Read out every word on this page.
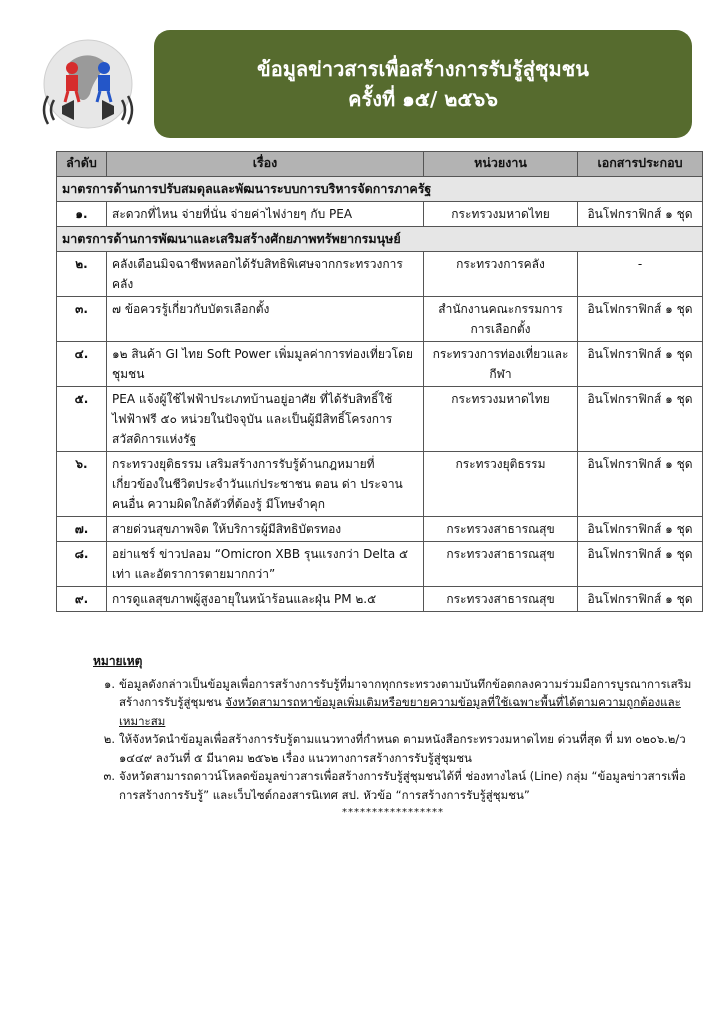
ข้อมูลข่าวสารเพื่อสร้างการรับรู้สู่ชุมชน
ครั้งที่ ๑๕/ ๒๕๖๖
ลำดับ	เรื่อง	หน่วยงาน	เอกสารประกอบ
มาตรการด้านการปรับสมดุลและพัฒนาระบบการบริหารจัดการภาครัฐ			
๑.	สะดวกที่ไหน จ่ายที่นั่น จ่ายค่าไฟง่ายๆ กับ PEA	กระทรวงมหาดไทย	อินโฟกราฟิกส์ ๑ ชุด
มาตรการด้านการพัฒนาและเสริมสร้างศักยภาพทรัพยากรมนุษย์			
๒.	คลังเตือนมิจฉาชีพหลอกได้รับสิทธิพิเศษจากกระทรวงการคลัง	กระทรวงการคลัง	-
๓.	๗ ข้อควรรู้เกี่ยวกับบัตรเลือกตั้ง	สำนักงานคณะกรรมการการเลือกตั้ง	อินโฟกราฟิกส์ ๑ ชุด
๔.	๑๒ สินค้า GI ไทย Soft Power เพิ่มมูลค่าการท่องเที่ยวโดยชุมชน	กระทรวงการท่องเที่ยวและกีฬา	อินโฟกราฟิกส์ ๑ ชุด
๕.	PEA แจ้งผู้ใช้ไฟฟ้าประเภทบ้านอยู่อาศัย ที่ได้รับสิทธิ์ใช้ไฟฟ้าฟรี ๕๐ หน่วยในปัจจุบัน และเป็นผู้มีสิทธิ์โครงการสวัสดิการแห่งรัฐ	กระทรวงมหาดไทย	อินโฟกราฟิกส์ ๑ ชุด
๖.	กระทรวงยุติธรรม เสริมสร้างการรับรู้ด้านกฎหมายที่เกี่ยวข้องในชีวิตประจำวันแก่ประชาชน ตอน ด่า ประจานคนอื่น ความผิดใกล้ตัวที่ต้องรู้ มีโทษจำคุก	กระทรวงยุติธรรม	อินโฟกราฟิกส์ ๑ ชุด
๗.	สายด่วนสุขภาพจิต ให้บริการผู้มีสิทธิบัตรทอง	กระทรวงสาธารณสุข	อินโฟกราฟิกส์ ๑ ชุด
๘.	อย่าแชร์ ข่าวปลอม “Omicron XBB รุนแรงกว่า Delta ๕ เท่า และอัตราการตายมากกว่า”	กระทรวงสาธารณสุข	อินโฟกราฟิกส์ ๑ ชุด
๙.	การดูแลสุขภาพผู้สูงอายุในหน้าร้อนและฝุ่น PM ๒.๕	กระทรวงสาธารณสุข	อินโฟกราฟิกส์ ๑ ชุด
หมายเหตุ
๑. ข้อมูลดังกล่าวเป็นข้อมูลเพื่อการสร้างการรับรู้ที่มาจากทุกกระทรวงตามบันทึกข้อตกลงความร่วมมือการบูรณาการเสริมสร้างการรับรู้สู่ชุมชน จังหวัดสามารถหาข้อมูลเพิ่มเติมหรือขยายความข้อมูลที่ใช้เฉพาะพื้นที่ได้ตามความถูกต้องและเหมาะสม
๒. ให้จังหวัดนำข้อมูลเพื่อสร้างการรับรู้ตามแนวทางที่กำหนด ตามหนังสือกระทรวงมหาดไทย ด่วนที่สุด ที่ มท ๐๒๐๖.๒/ว ๑๔๔๙ ลงวันที่ ๕ มีนาคม ๒๕๖๒ เรื่อง แนวทางการสร้างการรับรู้สู่ชุมชน
๓. จังหวัดสามารถดาวน์โหลดข้อมูลข่าวสารเพื่อสร้างการรับรู้สู่ชุมชนได้ที่ ช่องทางไลน์ (Line) กลุ่ม “ข้อมูลข่าวสารเพื่อการสร้างการรับรู้” และเว็บไซต์กองสารนิเทศ สป. หัวข้อ “การสร้างการรับรู้สู่ชุมชน”
*****************
